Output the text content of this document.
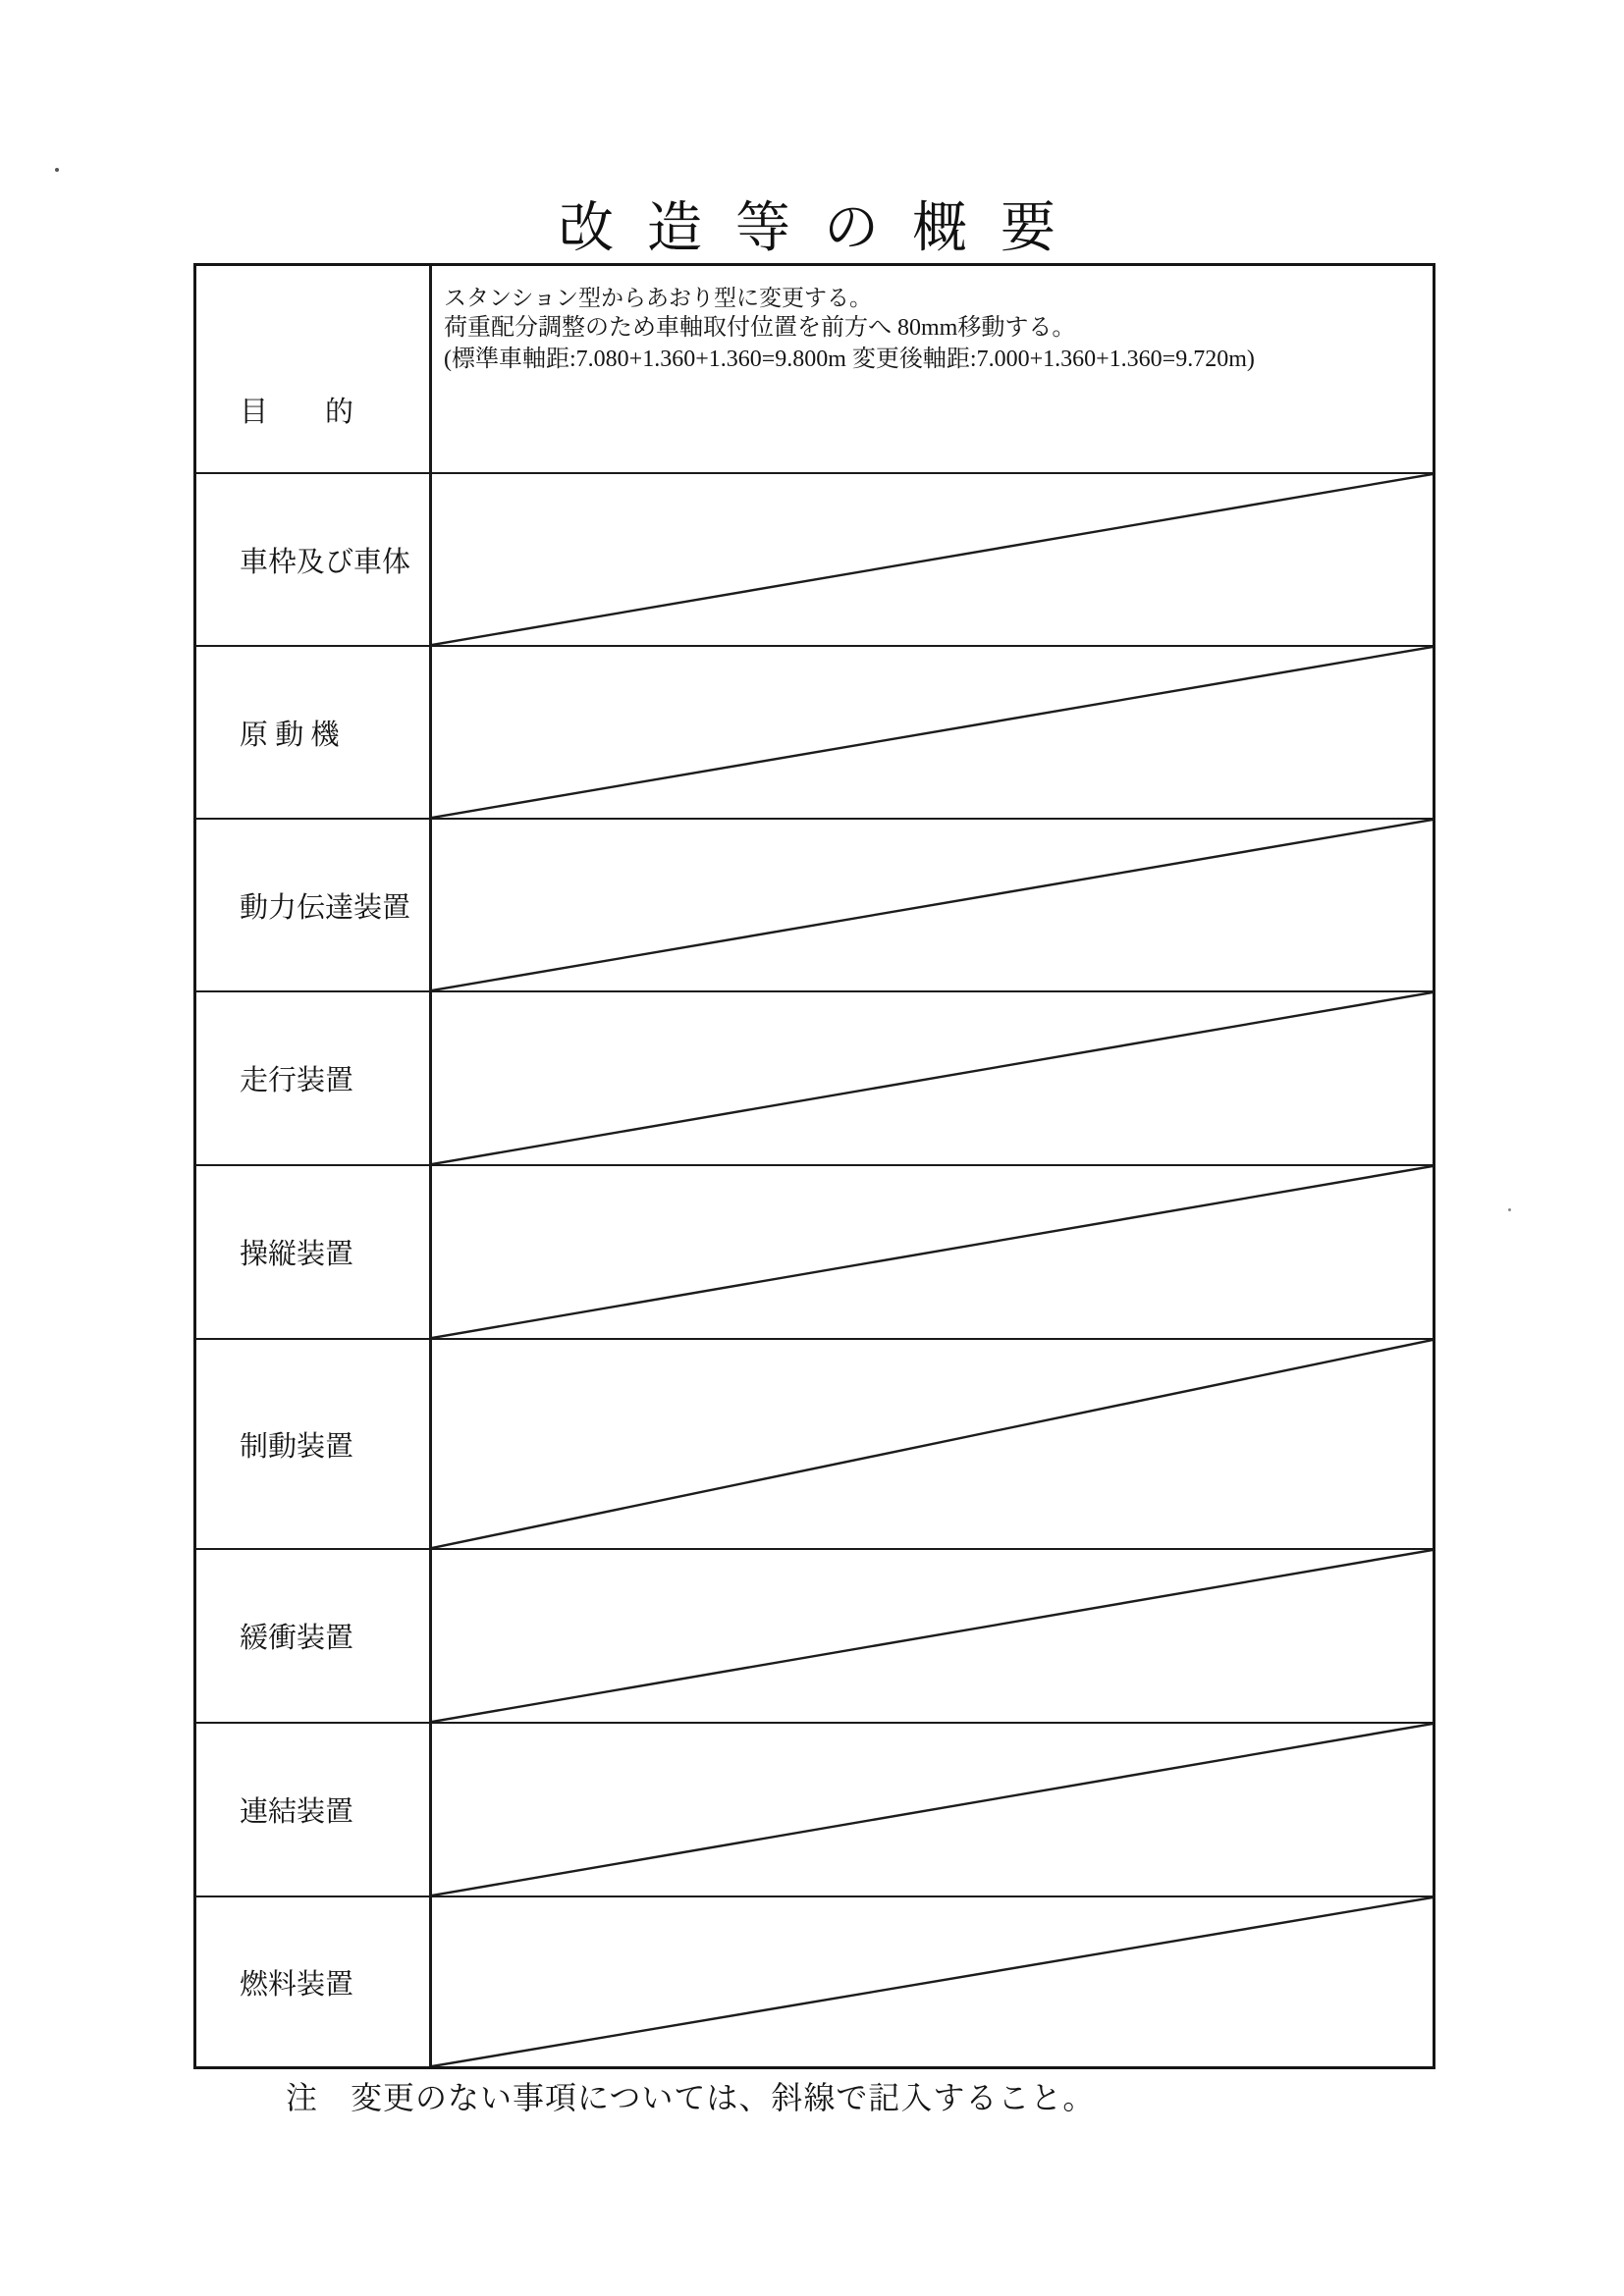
改 造 等 の 概 要
目　　的
スタンション型からあおり型に変更する。
荷重配分調整のため車軸取付位置を前方へ 80mm移動する。
(標準車軸距:7.080+1.360+1.360=9.800m 変更後軸距:7.000+1.360+1.360=9.720m)
車枠及び車体
原 動 機
動力伝達装置
走行装置
操縦装置
制動装置
緩衝装置
連結装置
燃料装置
注　変更のない事項については、斜線で記入すること。
